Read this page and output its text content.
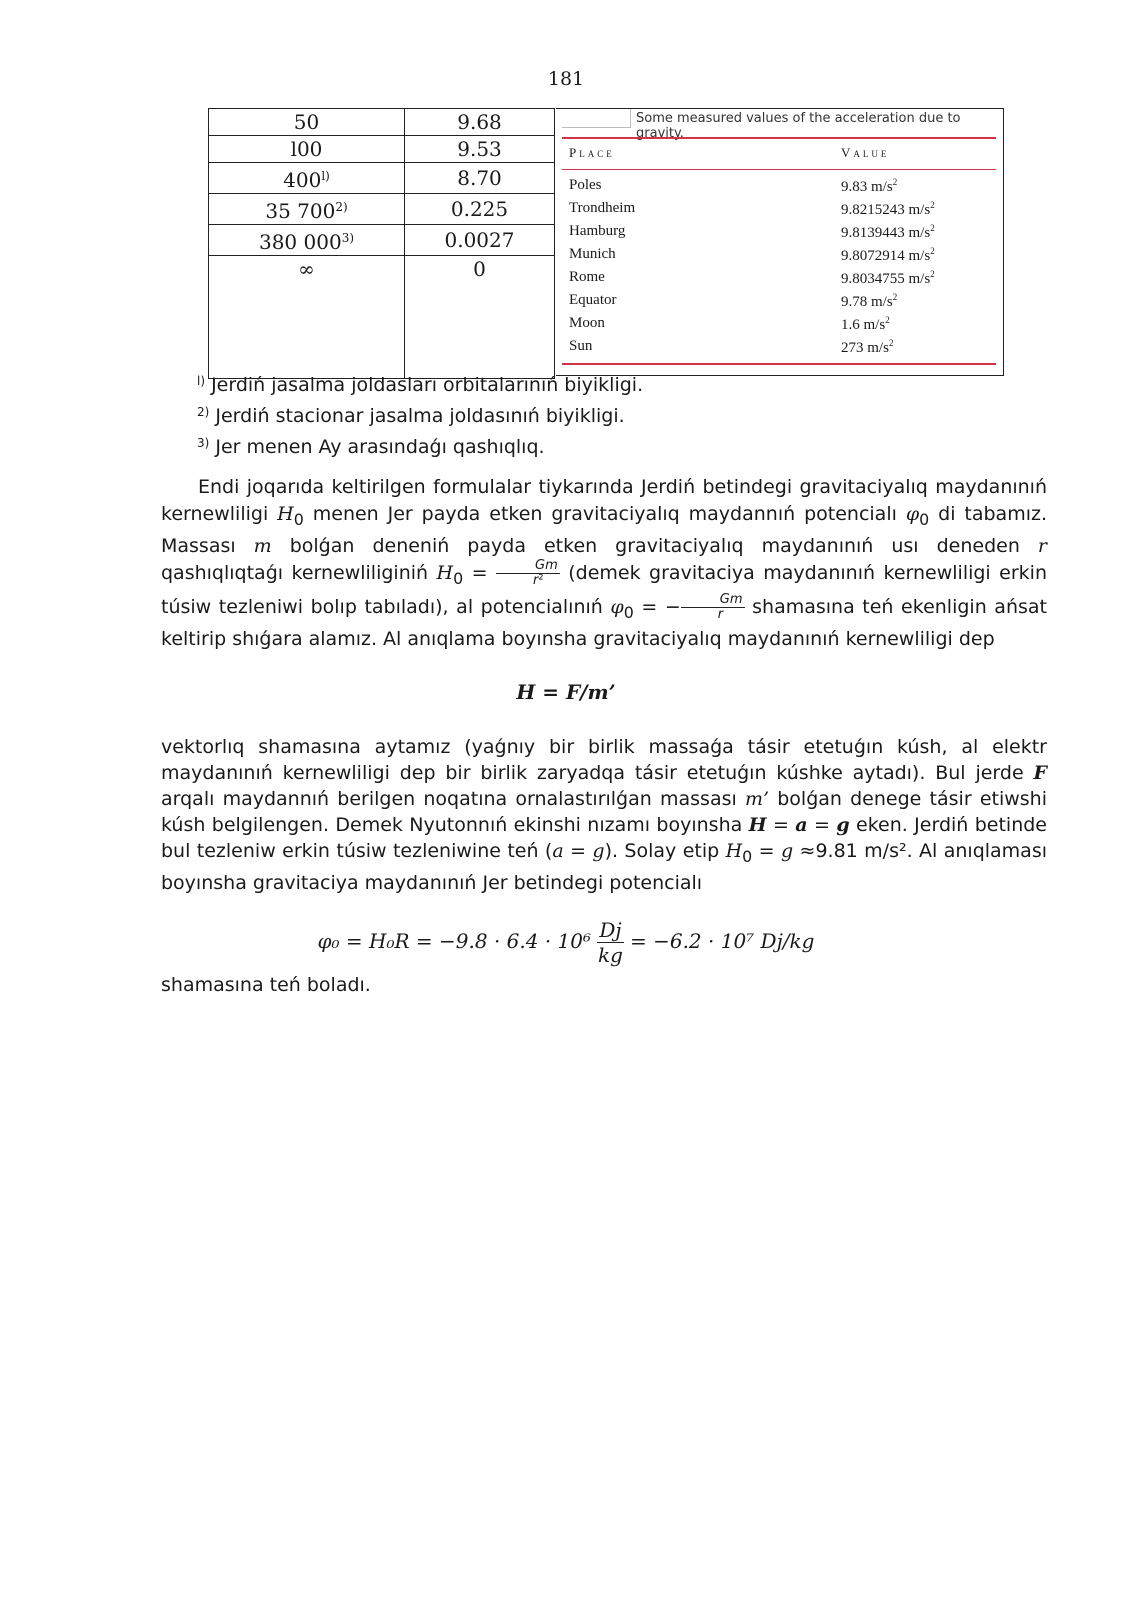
181
50	9.68
l00	9.53
400$^{l)}$	8.70
35 700$^{2)}$	0.225
380 000$^{3)}$	0.0027
∞	0
Some measured values of the acceleration due to gravity.
Place	Value
Poles	9.83 $m/s^2$
Trondheim	9.8215243 $m/s^2$
Hamburg	9.8139443 $m/s^2$
Munich	9.8072914 $m/s^2$
Rome	9.8034755 $m/s^2$
Equator	9.78 $m/s^2$
Moon	1.6 $m/s^2$
Sun	273 $m/s^2$
$^{l)}$ Jerdiń jasalma joldasları orbitalarınıń biyikligi.
$^{2)}$ Jerdiń stacionar jasalma joldasınıń biyikligi.
$^{3)}$ Jer menen Ay arasındaǵı qashıqlıq.
Endi joqarıda keltirilgen formulalar tiykarında Jerdiń betindegi gravitaciyalıq maydanınıń kernewliligi $H_0$ menen Jer payda etken gravitaciyalıq maydannıń potencialı $\varphi_0$ di tabamız. Massası m bolǵan deneniń payda etken gravitaciyalıq maydanınıń usı deneden r qashıqlıqtaǵı kernewliliginiń $H_0 = \frac{Gm}{\text{r²}}$ (demek gravitaciya maydanınıń kernewliligi erkin túsiw tezleniwi bolıp tabıladı), al potencialınıń $\varphi_0$ = − $\frac{Gm}{r}$ shamasına teń ekenligin ańsat keltirip shıǵara alamız. Al anıqlama boyınsha gravitaciyalıq maydanınıń kernewliligi dep
H = F/m’
vektorlıq shamasına aytamız (yaǵnıy bir birlik massaǵa tásir etetuǵın kúsh, al elektr maydanınıń kernewliligi dep bir birlik zaryadqa tásir etetuǵın kúshke aytadı). Bul jerde F arqalı maydannıń berilgen noqatına ornalastırılǵan massası m’ bolǵan denege tásir etiwshi kúsh belgilengen. Demek Nyutonnıń ekinshi nızamı boyınsha H = a = g eken. Jerdiń betinde bul tezleniw erkin túsiw tezleniwine teń (a = g). Solay etip $H_0 = g \approx 9.81$ m/s². Al anıqlaması boyınsha gravitaciya maydanınıń Jer betindegi potencialı
$\varphi_0 = H_0R = -9.8 \cdot 6.4 \cdot 10^6 \frac{Dj}{kg} = -6.2 \cdot 10^7$ Dj/kg
shamasına teń boladı.
